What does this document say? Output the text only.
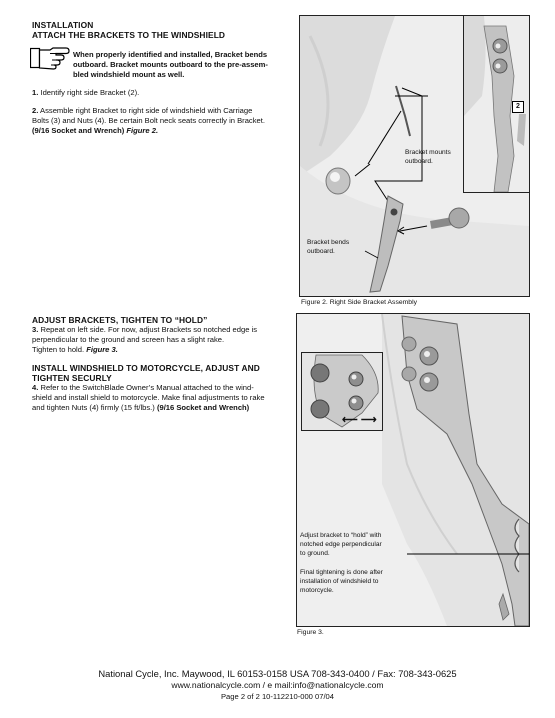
INSTALLATION
ATTACH THE BRACKETS TO THE WINDSHIELD
When properly identified and installed, Bracket bends
outboard. Bracket mounts outboard to the pre-assem-
bled windshield mount as well.
1. Identify right side Bracket (2).
2. Assemble right Bracket to right side of windshield with Carriage
Bolts (3) and Nuts (4). Be certain Bolt neck seats correctly in Bracket.
(9/16 Socket and Wrench) Figure 2.
2
Bracket mounts
outboard.
Bracket bends
outboard.
Figure 2. Right Side Bracket Assembly
ADJUST BRACKETS, TIGHTEN TO “HOLD”
3. Repeat on left side. For now, adjust Brackets so notched edge is
perpendicular to the ground and screen has a slight rake.
Tighten to hold. Figure 3.
INSTALL WINDSHIELD TO MOTORCYCLE, ADJUST AND
TIGHTEN SECURLY
4. Refer to the SwitchBlade Owner’s Manual attached to the wind-
shield and install shield to motorcycle. Make final adjustments to rake
and tighten Nuts (4) firmly (15 ft/lbs.) (9/16 Socket and Wrench)
⟵ ⟶
Adjust bracket to “hold” with
notched edge perpendicular
to ground.
Final tightening is done after
installation of windshield to
motorcycle.
Figure 3.
National Cycle, Inc. Maywood, IL 60153-0158 USA 708-343-0400 / Fax: 708-343-0625
www.nationalcycle.com / e mail:info@nationalcycle.com
Page 2 of 2 10-112210-000 07/04
